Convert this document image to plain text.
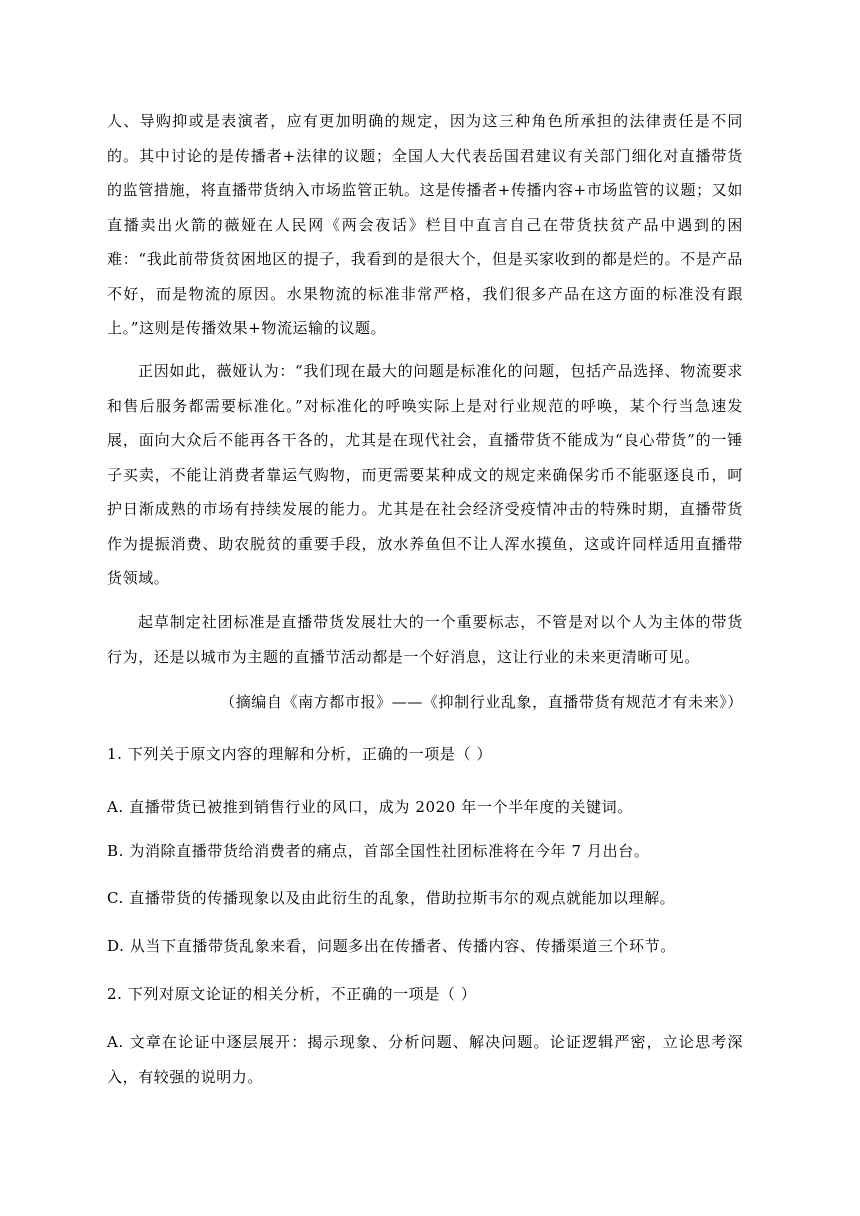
人、导购抑或是表演者，应有更加明确的规定，因为这三种角色所承担的法律责任是不同的。其中讨论的是传播者+法律的议题；全国人大代表岳国君建议有关部门细化对直播带货的监管措施，将直播带货纳入市场监管正轨。这是传播者+传播内容+市场监管的议题；又如直播卖出火箭的薇娅在人民网《两会夜话》栏目中直言自己在带货扶贫产品中遇到的困难：“我此前带货贫困地区的提子，我看到的是很大个，但是买家收到的都是烂的。不是产品不好，而是物流的原因。水果物流的标准非常严格，我们很多产品在这方面的标准没有跟上。”这则是传播效果+物流运输的议题。

正因如此，薇娅认为：“我们现在最大的问题是标准化的问题，包括产品选择、物流要求和售后服务都需要标准化。”对标准化的呼唤实际上是对行业规范的呼唤，某个行当急速发展，面向大众后不能再各干各的，尤其是在现代社会，直播带货不能成为“良心带货”的一锤子买卖，不能让消费者靠运气购物，而更需要某种成文的规定来确保劣币不能驱逐良币，呵护日渐成熟的市场有持续发展的能力。尤其是在社会经济受疫情冲击的特殊时期，直播带货作为提振消费、助农脱贫的重要手段，放水养鱼但不让人浑水摸鱼，这或许同样适用直播带货领域。

起草制定社团标准是直播带货发展壮大的一个重要标志，不管是对以个人为主体的带货行为，还是以城市为主题的直播节活动都是一个好消息，这让行业的未来更清晰可见。

（摘编自《南方都市报》——《抑制行业乱象，直播带货有规范才有未来》）

1. 下列关于原文内容的理解和分析，正确的一项是（ ）

A. 直播带货已被推到销售行业的风口，成为 2020 年一个半年度的关键词。

B. 为消除直播带货给消费者的痛点，首部全国性社团标准将在今年 7 月出台。

C. 直播带货的传播现象以及由此衍生的乱象，借助拉斯韦尔的观点就能加以理解。

D. 从当下直播带货乱象来看，问题多出在传播者、传播内容、传播渠道三个环节。

2. 下列对原文论证的相关分析，不正确的一项是（ ）

A. 文章在论证中逐层展开：揭示现象、分析问题、解决问题。论证逻辑严密，立论思考深入，有较强的说明力。
